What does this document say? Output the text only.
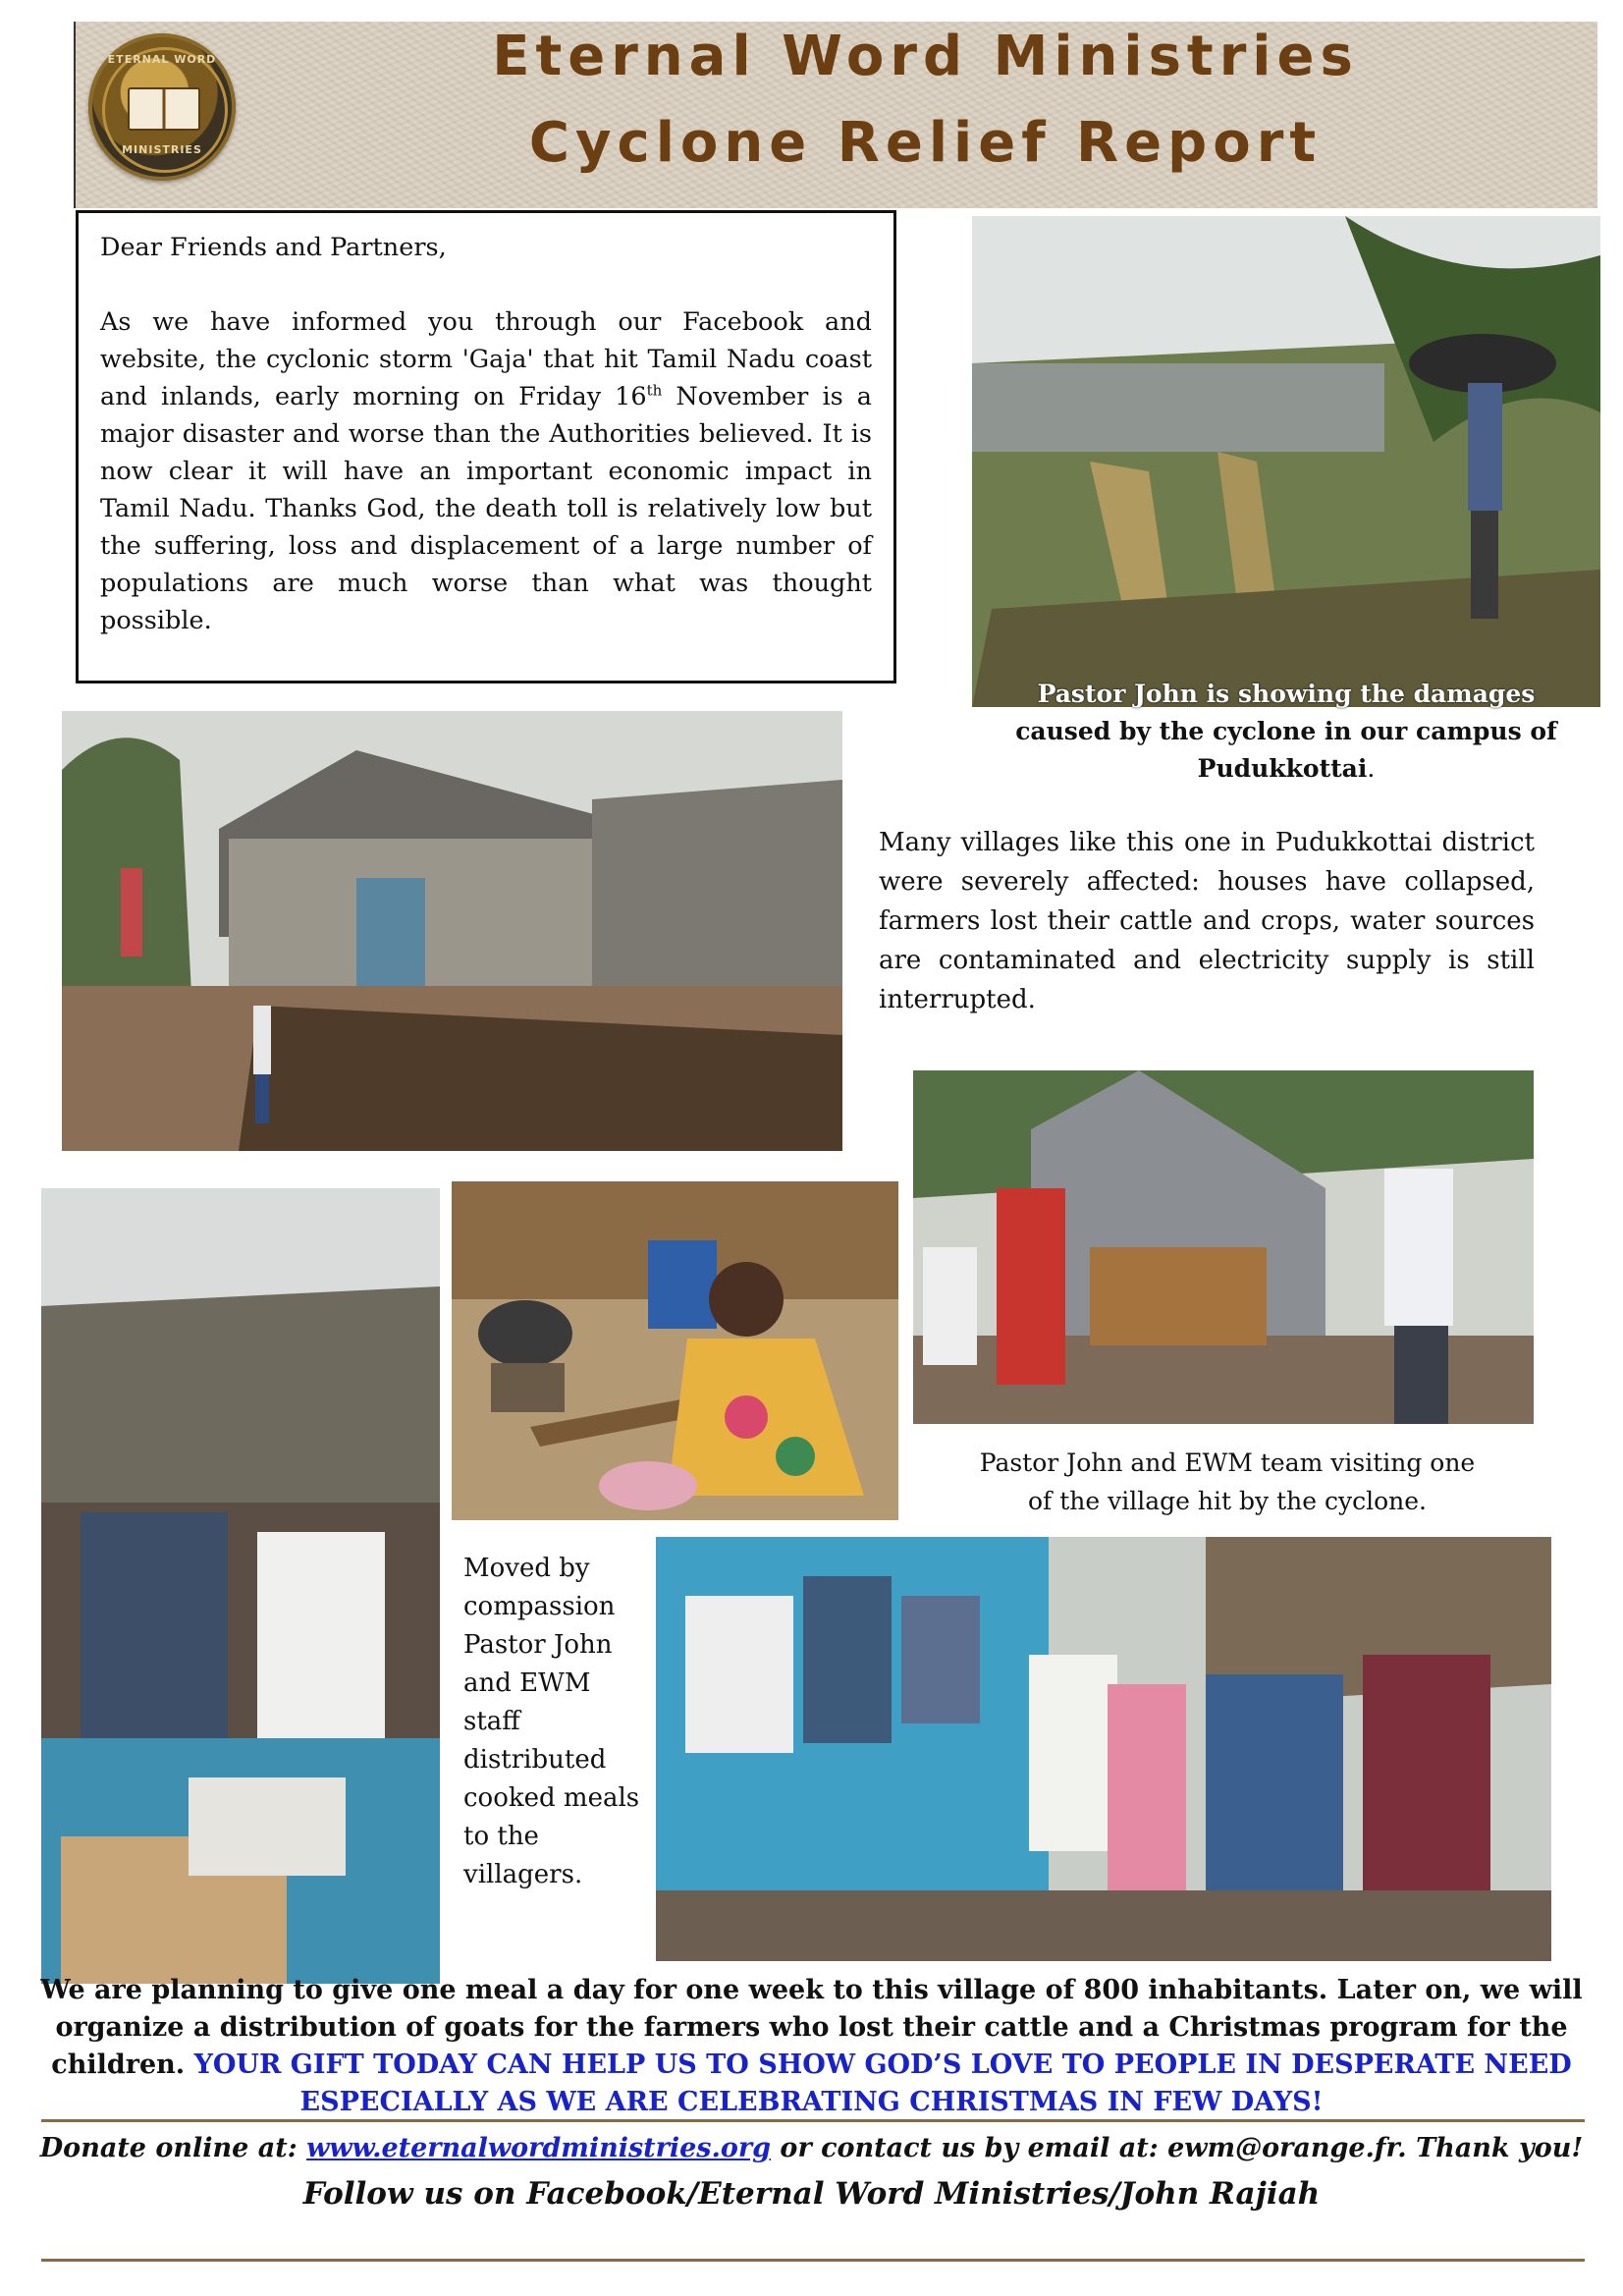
ETERNAL WORD
MINISTRIES
Eternal Word Ministries
Cyclone Relief Report

Dear Friends and Partners,

As we have informed you through our Facebook and website, the cyclonic storm 'Gaja' that hit Tamil Nadu coast and inlands, early morning on Friday 16th November is a major disaster and worse than the Authorities believed. It is now clear it will have an important economic impact in Tamil Nadu. Thanks God, the death toll is relatively low but the suffering, loss and displacement of a large number of populations are much worse than what was thought possible.

Pastor John is showing the damages
caused by the cyclone in our campus of
Pudukkottai.
Many villages like this one in Pudukkottai district were severely affected: houses have collapsed, farmers lost their cattle and crops, water sources are contaminated and electricity supply is still interrupted.
Pastor John and EWM team visiting one
of the village hit by the cyclone.
Moved by compassion Pastor John and EWM staff distributed cooked meals to the villagers.
We are planning to give one meal a day for one week to this village of 800 inhabitants. Later on, we will organize a distribution of goats for the farmers who lost their cattle and a Christmas program for the children. YOUR GIFT TODAY CAN HELP US TO SHOW GOD’S LOVE TO PEOPLE IN DESPERATE NEED ESPECIALLY AS WE ARE CELEBRATING CHRISTMAS IN FEW DAYS!
Donate online at: www.eternalwordministries.org or contact us by email at: ewm@orange.fr. Thank you!
Follow us on Facebook/Eternal Word Ministries/John Rajiah
